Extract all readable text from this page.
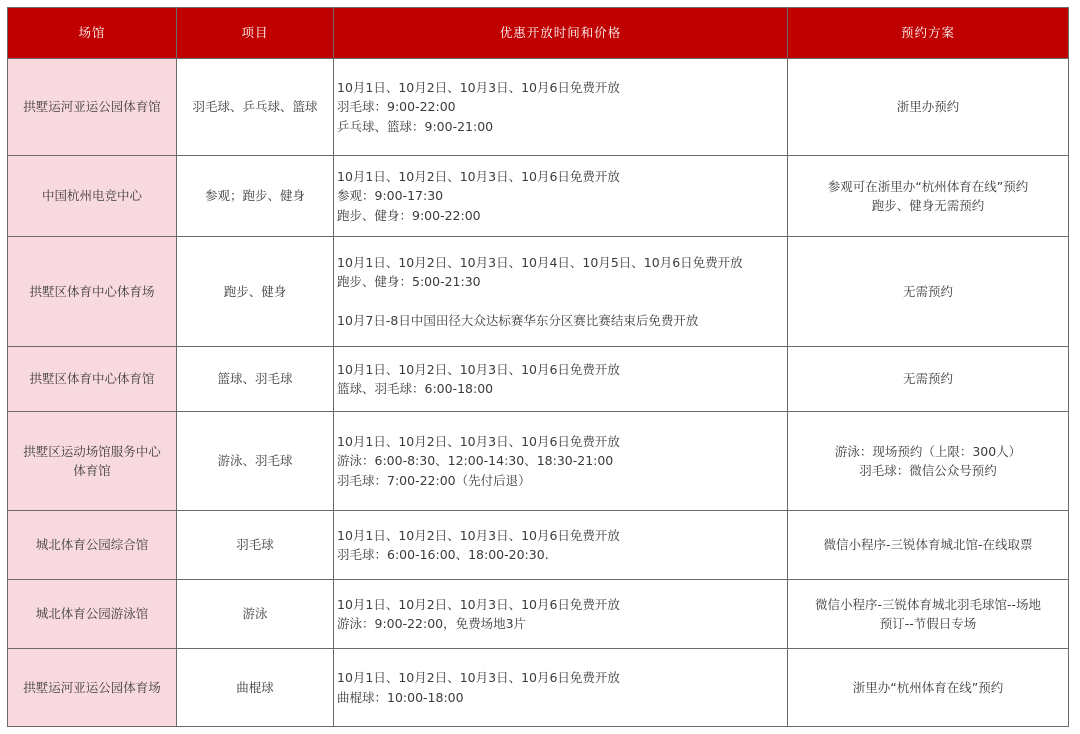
场馆	项目	优惠开放时间和价格	预约方案
拱墅运河亚运公园体育馆	羽毛球、乒乓球、篮球	10月1日、10月2日、10月3日、10月6日免费开放
羽毛球：9:00-22:00
乒乓球、篮球：9:00-21:00	浙里办预约

中国杭州电竞中心	参观；跑步、健身	10月1日、10月2日、10月3日、10月6日免费开放
参观：9:00-17:30
跑步、健身：9:00-22:00	参观可在浙里办“杭州体育在线”预约
跑步、健身无需预约

拱墅区体育中心体育场	跑步、健身	10月1日、10月2日、10月3日、10月4日、10月5日、10月6日免费开放
跑步、健身：5:00-21:30
10月7日-8日中国田径大众达标赛华东分区赛比赛结束后免费开放	无需预约

拱墅区体育中心体育馆	篮球、羽毛球	10月1日、10月2日、10月3日、10月6日免费开放
篮球、羽毛球：6:00-18:00	无需预约

拱墅区运动场馆服务中心
体育馆	游泳、羽毛球	10月1日、10月2日、10月3日、10月6日免费开放
游泳：6:00-8:30、12:00-14:30、18:30-21:00
羽毛球：7:00-22:00（先付后退）	游泳：现场预约（上限：300人）
羽毛球：微信公众号预约

城北体育公园综合馆	羽毛球	10月1日、10月2日、10月3日、10月6日免费开放
羽毛球：6:00-16:00、18:00-20:30.	微信小程序-三锐体育城北馆-在线取票

城北体育公园游泳馆	游泳	10月1日、10月2日、10月3日、10月6日免费开放
游泳：9:00-22:00，免费场地3片	微信小程序-三锐体育城北羽毛球馆--场地
预订--节假日专场

拱墅运河亚运公园体育场	曲棍球	10月1日、10月2日、10月3日、10月6日免费开放
曲棍球：10:00-18:00	浙里办“杭州体育在线”预约
